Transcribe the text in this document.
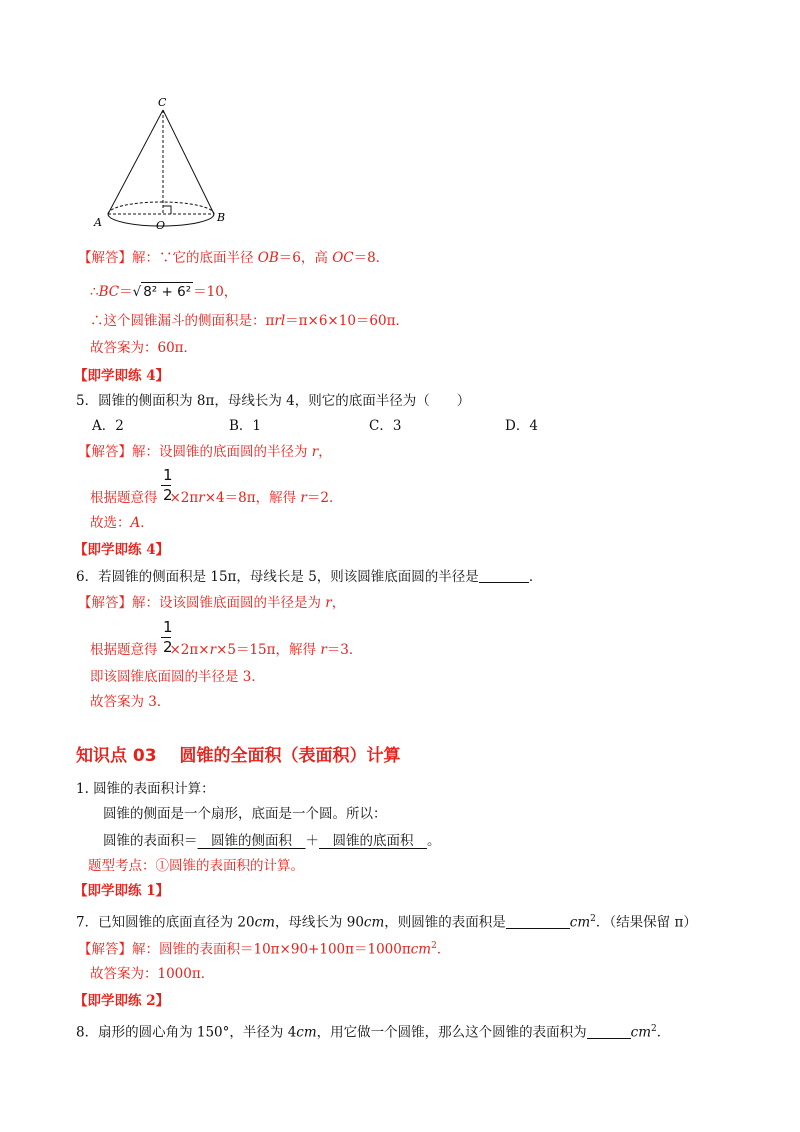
C
A	B
O
【解答】解：∵它的底面半径 OB＝6，高 OC＝8．
∴BC＝√ 8² + 6² ＝10，
∴这个圆锥漏斗的侧面积是：πrl＝π×6×10＝60π．
故答案为：60π．
【即学即练 4】
5．圆锥的侧面积为 8π，母线长为 4，则它的底面半径为（　　）
A．2	B．1	C．3	D．4
【解答】解：设圆锥的底面圆的半径为 r，
1
2
根据题意得 ×2πr×4＝8π，解得 r＝2．
故选：A．
【即学即练 4】
6．若圆锥的侧面积是 15π，母线长是 5，则该圆锥底面圆的半径是	．
【解答】解：设该圆锥底面圆的半径是为 r，
1
2
根据题意得 ×2π×r×5＝15π，解得 r＝3．
即该圆锥底面圆的半径是 3．
故答案为 3．
知识点 03　 圆锥的全面积（表面积）计算
1. 圆锥的表面积计算：
圆锥的侧面是一个扇形，底面是一个圆。所以：
圆锥的表面积＝　圆锥的侧面积　＋　圆锥的底面积　。
题型考点：①圆锥的表面积的计算。
【即学即练 1】
7．已知圆锥的底面直径为 20cm，母线长为 90cm，则圆锥的表面积是	$cm^2$．（结果保留 π）
【解答】解：圆锥的表面积＝10π×90+100π＝1000πcm$^2$．
故答案为：1000π．
【即学即练 2】
8．扇形的圆心角为 150°，半径为 4cm，用它做一个圆锥，那么这个圆锥的表面积为	$cm^2$．
